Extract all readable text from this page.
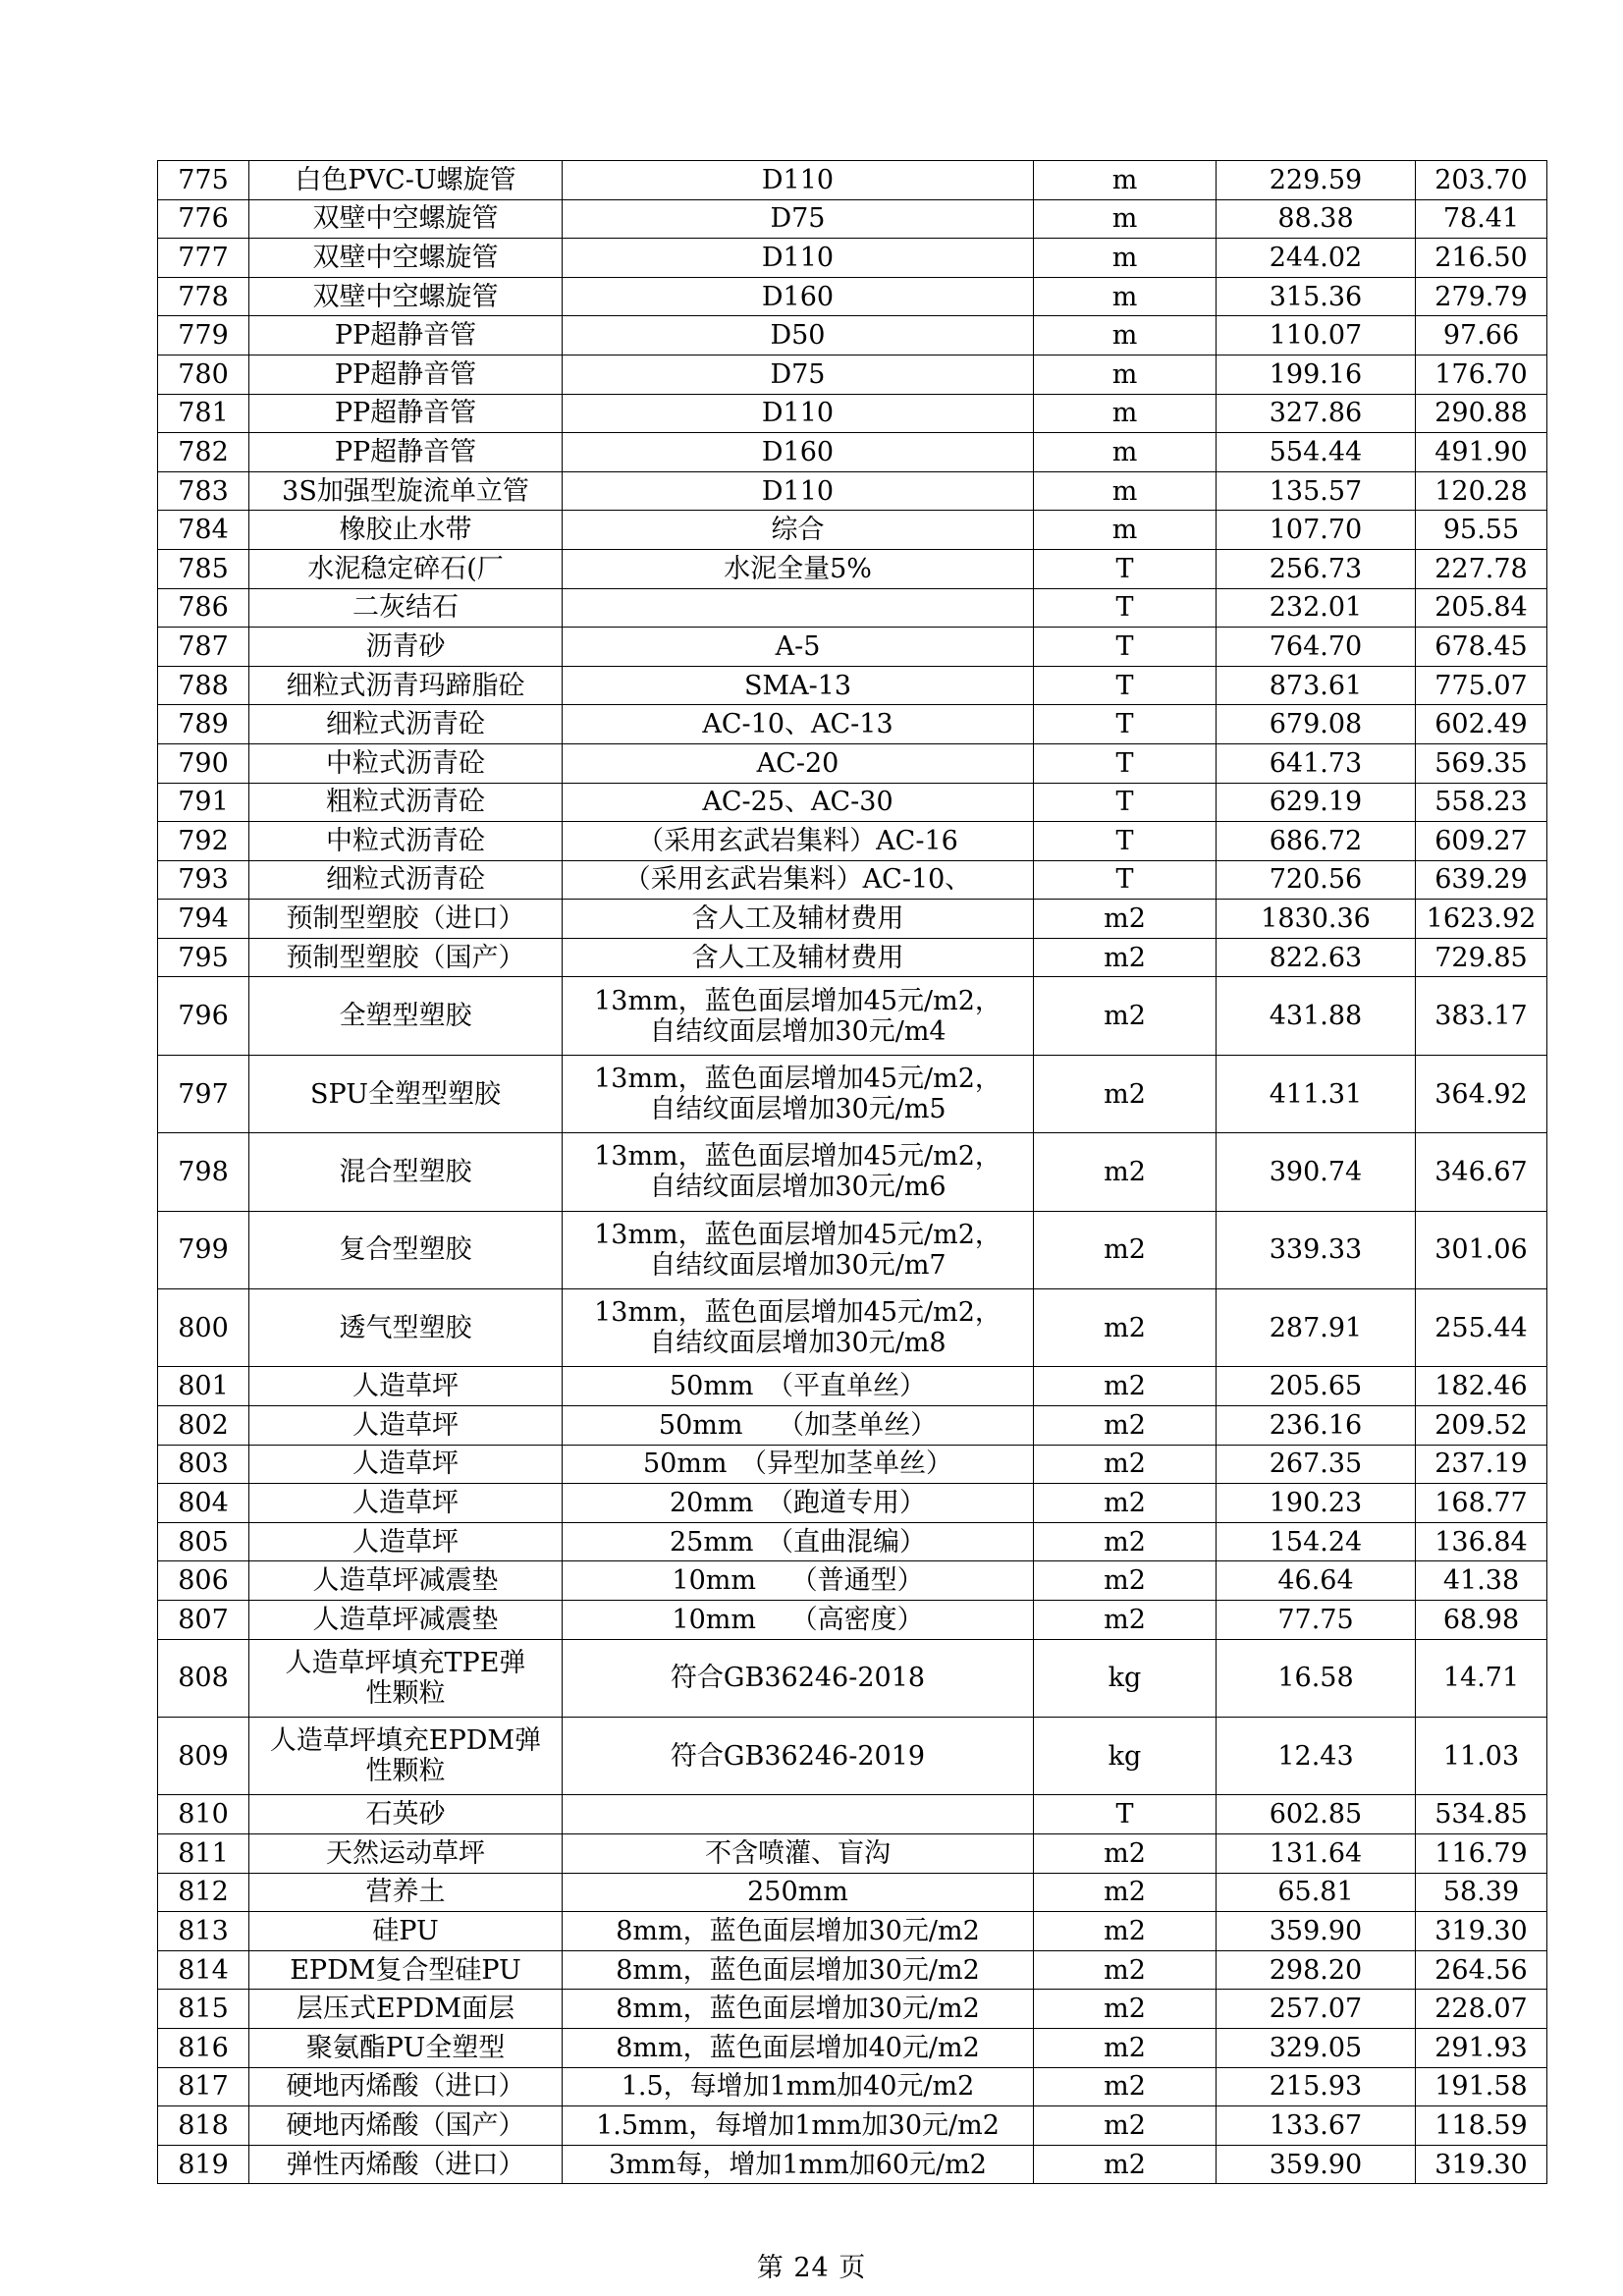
775	白色PVC-U螺旋管	D110	m	229.59	203.70

776	双壁中空螺旋管	D75	m	88.38	78.41

777	双壁中空螺旋管	D110	m	244.02	216.50

778	双壁中空螺旋管	D160	m	315.36	279.79

779	PP超静音管	D50	m	110.07	97.66

780	PP超静音管	D75	m	199.16	176.70

781	PP超静音管	D110	m	327.86	290.88

782	PP超静音管	D160	m	554.44	491.90

783	3S加强型旋流单立管	D110	m	135.57	120.28

784	橡胶止水带	综合	m	107.70	95.55

785	水泥稳定碎石(厂	水泥全量5%	T	256.73	227.78

786	二灰结石		T	232.01	205.84

787	沥青砂	A-5	T	764.70	678.45

788	细粒式沥青玛蹄脂砼	SMA-13	T	873.61	775.07

789	细粒式沥青砼	AC-10、AC-13	T	679.08	602.49

790	中粒式沥青砼	AC-20	T	641.73	569.35

791	粗粒式沥青砼	AC-25、AC-30	T	629.19	558.23

792	中粒式沥青砼	（采用玄武岩集料）AC-16	T	686.72	609.27

793	细粒式沥青砼	（采用玄武岩集料）AC-10、	T	720.56	639.29

794	预制型塑胶（进口）	含人工及辅材费用	m2	1830.36	1623.92

795	预制型塑胶（国产）	含人工及辅材费用	m2	822.63	729.85

796	全塑型塑胶	13mm，蓝色面层增加45元/m2，
自结纹面层增加30元/m4	m2	431.88	383.17

797	SPU全塑型塑胶	13mm，蓝色面层增加45元/m2，
自结纹面层增加30元/m5	m2	411.31	364.92

798	混合型塑胶	13mm，蓝色面层增加45元/m2，
自结纹面层增加30元/m6	m2	390.74	346.67

799	复合型塑胶	13mm，蓝色面层增加45元/m2，
自结纹面层增加30元/m7	m2	339.33	301.06

800	透气型塑胶	13mm，蓝色面层增加45元/m2，
自结纹面层增加30元/m8	m2	287.91	255.44

801	人造草坪	50mm　（平直单丝）	m2	205.65	182.46

802	人造草坪	50mm　 （加茎单丝）	m2	236.16	209.52

803	人造草坪	50mm　（异型加茎单丝）	m2	267.35	237.19

804	人造草坪	20mm　（跑道专用）	m2	190.23	168.77

805	人造草坪	25mm　（直曲混编）	m2	154.24	136.84

806	人造草坪减震垫	10mm　 （普通型）	m2	46.64	41.38

807	人造草坪减震垫	10mm　 （高密度）	m2	77.75	68.98

808	人造草坪填充TPE弹
性颗粒	符合GB36246-2018	kg	16.58	14.71

809	人造草坪填充EPDM弹
性颗粒	符合GB36246-2019	kg	12.43	11.03

810	石英砂		T	602.85	534.85

811	天然运动草坪	不含喷灌、盲沟	m2	131.64	116.79

812	营养土	250mm	m2	65.81	58.39

813	硅PU	8mm，蓝色面层增加30元/m2	m2	359.90	319.30

814	EPDM复合型硅PU	8mm，蓝色面层增加30元/m2	m2	298.20	264.56

815	层压式EPDM面层	8mm，蓝色面层增加30元/m2	m2	257.07	228.07

816	聚氨酯PU全塑型	8mm，蓝色面层增加40元/m2	m2	329.05	291.93

817	硬地丙烯酸（进口）	1.5，每增加1mm加40元/m2	m2	215.93	191.58

818	硬地丙烯酸（国产）	1.5mm，每增加1mm加30元/m2	m2	133.67	118.59

819	弹性丙烯酸（进口）	3mm每，增加1mm加60元/m2	m2	359.90	319.30
第 24 页
